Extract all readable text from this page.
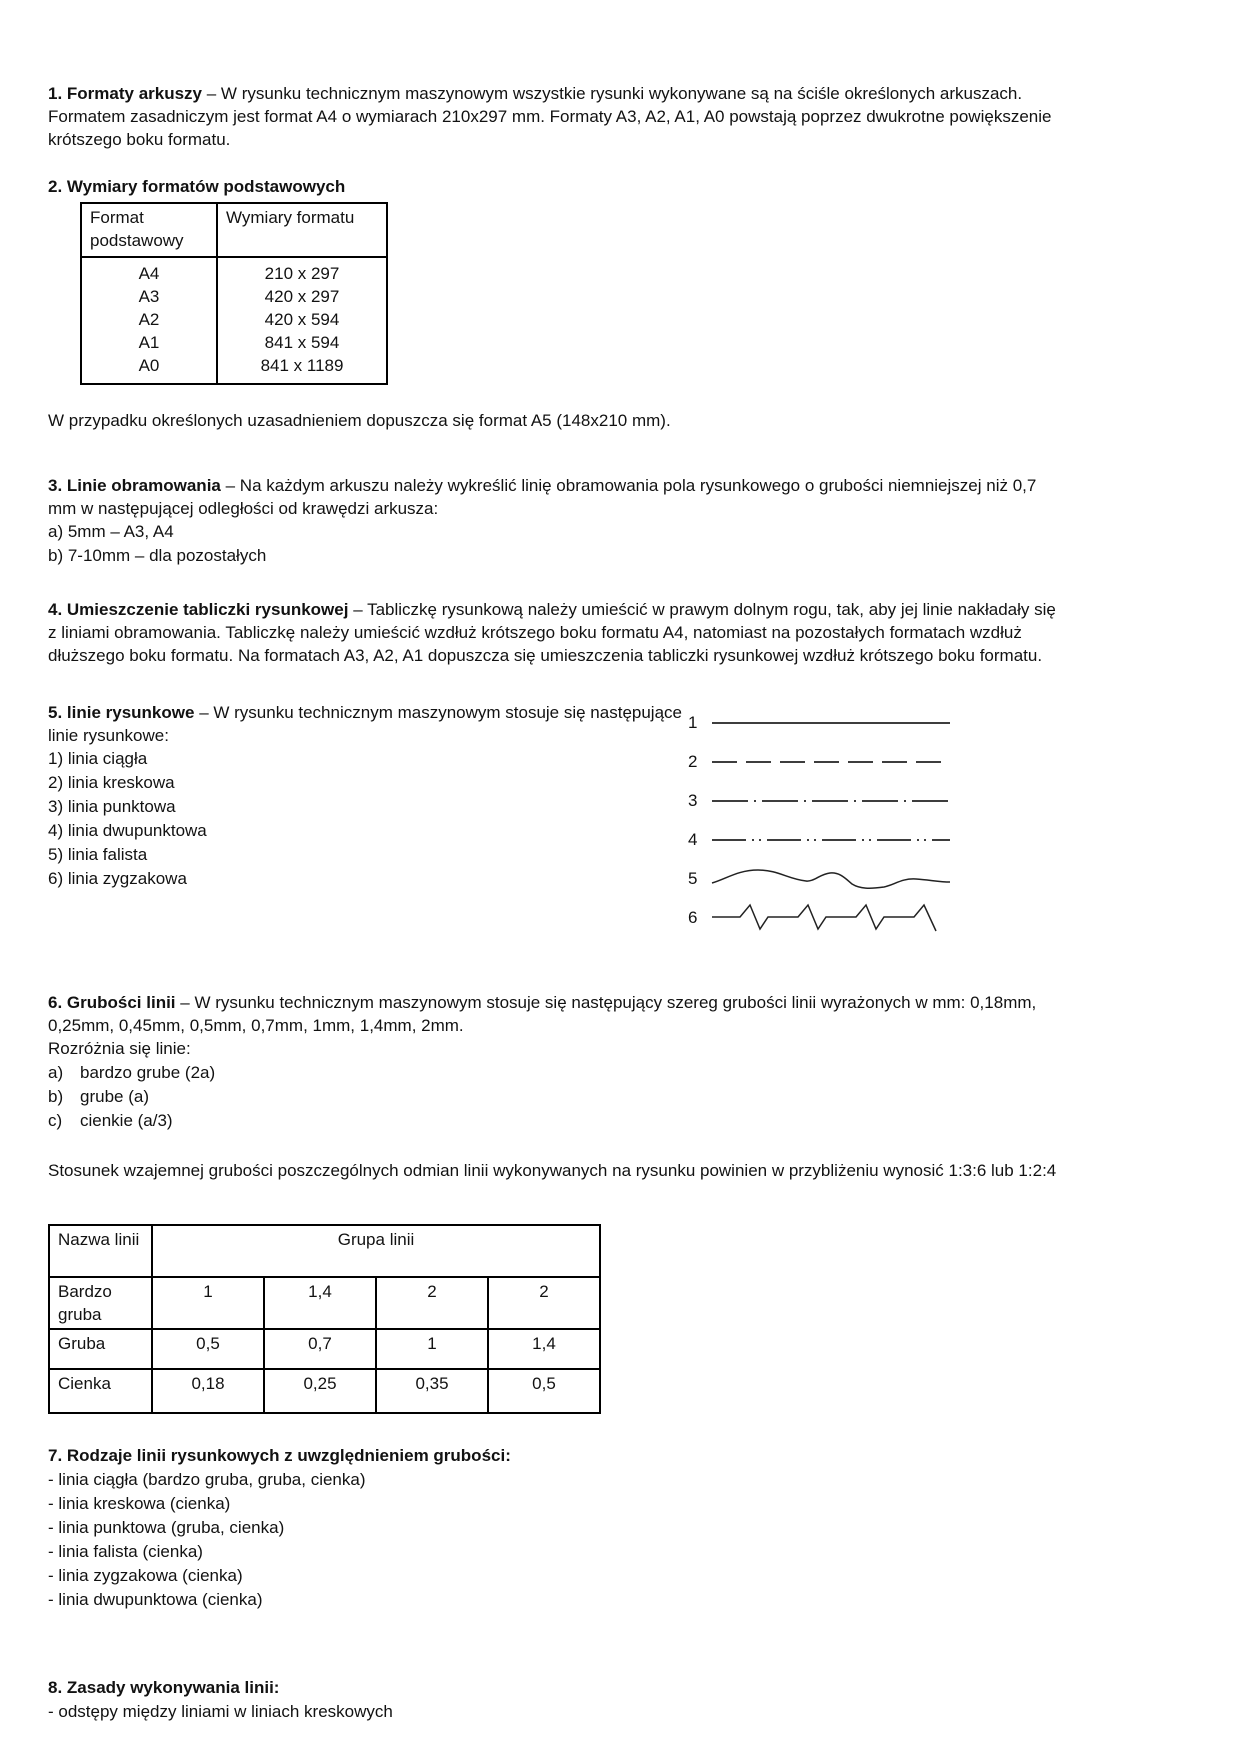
1. Formaty arkuszy – W rysunku technicznym maszynowym wszystkie rysunki wykonywane są na ściśle określonych arkuszach. Formatem zasadniczym jest format A4 o wymiarach 210x297 mm. Formaty A3, A2, A1, A0 powstają poprzez dwukrotne powiększenie krótszego boku formatu.

2. Wymiary formatów podstawowych
Format podstawowy	Wymiary formatu
A4	210 x 297
A3	420 x 297
A2	420 x 594
A1	841 x 594
A0	841 x 1189

W przypadku określonych uzasadnieniem dopuszcza się format A5 (148x210 mm).

3. Linie obramowania – Na każdym arkuszu należy wykreślić linię obramowania pola rysunkowego o grubości niemniejszej niż 0,7 mm w następującej odległości od krawędzi arkusza:

a) 5mm – A3, A4
b) 7-10mm – dla pozostałych

4. Umieszczenie tabliczki rysunkowej – Tabliczkę rysunkową należy umieścić w prawym dolnym rogu, tak, aby jej linie nakładały się z liniami obramowania. Tabliczkę należy umieścić wzdłuż krótszego boku formatu A4, natomiast na pozostałych formatach wzdłuż dłuższego boku formatu. Na formatach A3, A2, A1 dopuszcza się umieszczenia tabliczki rysunkowej wzdłuż krótszego boku formatu.

5. linie rysunkowe – W rysunku technicznym maszynowym stosuje się następujące linie rysunkowe:

1) linia ciągła
2) linia kreskowa
3) linia punktowa
4) linia dwupunktowa
5) linia falista
6) linia zygzakowa
1
2
3
4
5
6

6. Grubości linii – W rysunku technicznym maszynowym stosuje się następujący szereg grubości linii wyrażonych w mm: 0,18mm, 0,25mm, 0,45mm, 0,5mm, 0,7mm, 1mm, 1,4mm, 2mm.

Rozróżnia się linie:
a) bardzo grube (2a)
b) grube (a)
c) cienkie (a/3)

Stosunek wzajemnej grubości poszczególnych odmian linii wykonywanych na rysunku powinien w przybliżeniu wynosić 1:3:6 lub 1:2:4

Nazwa linii	Grupa linii			
Bardzo gruba	1	1,4	2	2
Gruba	0,5	0,7	1	1,4
Cienka	0,18	0,25	0,35	0,5
7. Rodzaje linii rysunkowych z uwzględnieniem grubości:
- linia ciągła (bardzo gruba, gruba, cienka)
- linia kreskowa (cienka)
- linia punktowa (gruba, cienka)
- linia falista (cienka)
- linia zygzakowa (cienka)
- linia dwupunktowa (cienka)
8. Zasady wykonywania linii:
- odstępy między liniami w liniach kreskowych
